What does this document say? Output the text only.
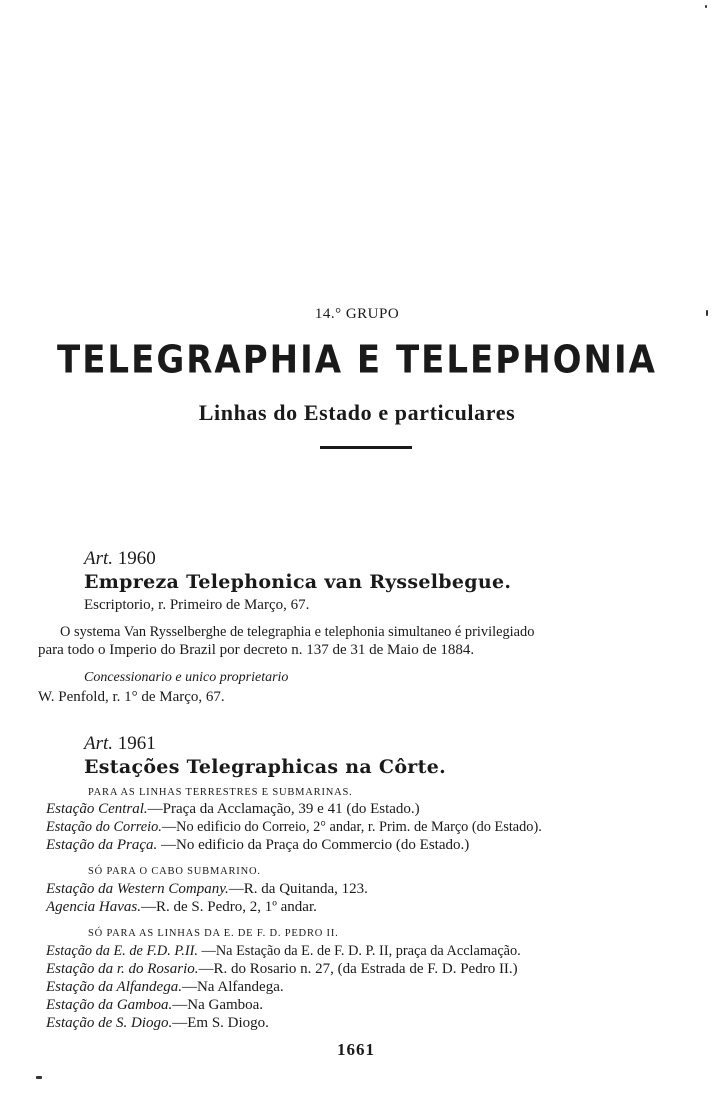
14.° GRUPO
TELEGRAPHIA E TELEPHONIA
Linhas do Estado e particulares
Art. 1960
Empreza Telephonica van Rysselbegue.
Escriptorio, r. Primeiro de Março, 67.
O systema Van Rysselberghe de telegraphia e telephonia simultaneo é privilegiado
para todo o Imperio do Brazil por decreto n. 137 de 31 de Maio de 1884.
Concessionario e unico proprietario
W. Penfold, r. 1° de Março, 67.
Art. 1961
Estações Telegraphicas na Côrte.
PARA AS LINHAS TERRESTRES E SUBMARINAS.
Estação Central.—Praça da Acclamação, 39 e 41 (do Estado.)
Estação do Correio.—No edificio do Correio, 2° andar, r. Prim. de Março (do Estado).
Estação da Praça. —No edificio da Praça do Commercio (do Estado.)
SÓ PARA O CABO SUBMARINO.
Estação da Western Company.—R. da Quitanda, 123.
Agencia Havas.—R. de S. Pedro, 2, 1º andar.
SÓ PARA AS LINHAS DA E. DE F. D. PEDRO II.
Estação da E. de F.D. P.II. —Na Estação da E. de F. D. P. II, praça da Acclamação.
Estação da r. do Rosario.—R. do Rosario n. 27, (da Estrada de F. D. Pedro II.)
Estação da Alfandega.—Na Alfandega.
Estação da Gamboa.—Na Gamboa.
Estação de S. Diogo.—Em S. Diogo.
1661
